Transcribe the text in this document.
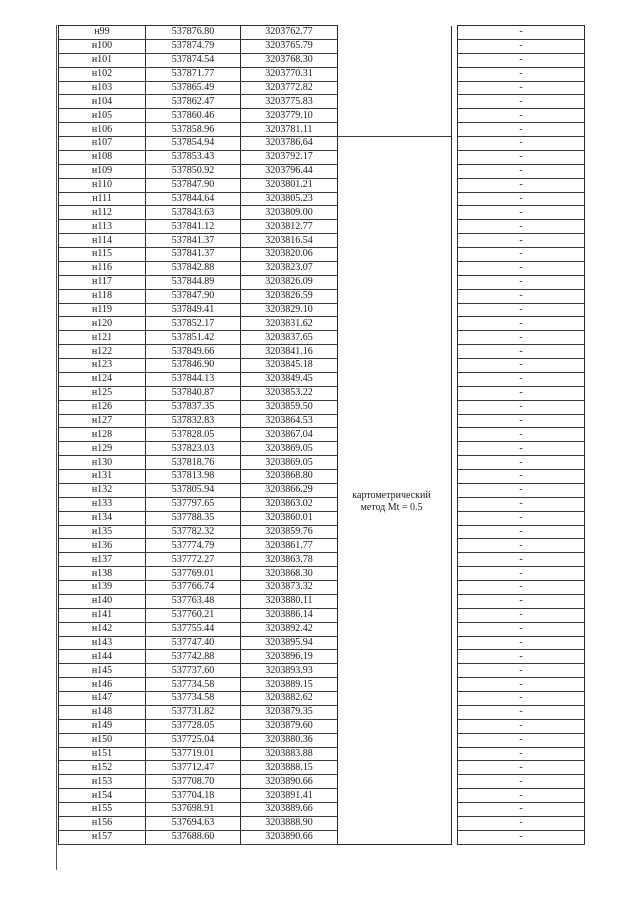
н99	537876.80	3203762.77			-
н100	537874.79	3203765.79			-
н101	537874.54	3203768.30			-
н102	537871.77	3203770.31			-
н103	537865.49	3203772.82			-
н104	537862.47	3203775.83			-
н105	537860.46	3203779.10			-
н106	537858.96	3203781.11			-
н107	537854.94	3203786.64			-
н108	537853.43	3203792.17			-
н109	537850.92	3203796.44			-
н110	537847.90	3203801.21			-
н111	537844.64	3203805.23			-
н112	537843.63	3203809.00			-
н113	537841.12	3203812.77			-
н114	537841.37	3203816.54			-
н115	537841.37	3203820.06			-
н116	537842.88	3203823.07			-
н117	537844.89	3203826.09			-
н118	537847.90	3203826.59			-
н119	537849.41	3203829.10			-
н120	537852.17	3203831.62			-
н121	537851.42	3203837.65			-
н122	537849.66	3203841.16			-
н123	537846.90	3203845.18			-
н124	537844.13	3203849.45			-
н125	537840.87	3203853.22			-
н126	537837.35	3203859.50			-
н127	537832.83	3203864.53			-
н128	537828.05	3203867.04			-
н129	537823.03	3203869.05			-
н130	537818.76	3203869.05			-
н131	537813.98	3203868.80			-
н132	537805.94	3203866.29			-
н133	537797.65	3203863.02			-
н134	537788.35	3203860.01			-
н135	537782.32	3203859.76			-
н136	537774.79	3203861.77			-
н137	537772.27	3203863.78			-
н138	537769.01	3203868.30			-
н139	537766.74	3203873.32			-
н140	537763.48	3203880.11			-
н141	537760.21	3203886.14			-
н142	537755.44	3203892.42			-
н143	537747.40	3203895.94			-
н144	537742.88	3203896.19			-
н145	537737.60	3203893.93			-
н146	537734.58	3203889.15			-
н147	537734.58	3203882.62			-
н148	537731.82	3203879.35			-
н149	537728.05	3203879.60			-
н150	537725.04	3203880.36			-
н151	537719.01	3203883.88			-
н152	537712.47	3203888.15			-
н153	537708.70	3203890.66			-
н154	537704.18	3203891.41			-
н155	537698.91	3203889.66			-
н156	537694.63	3203888.90			-
н157	537688.60	3203890.66			-
картометрический
метод Mt = 0.5
